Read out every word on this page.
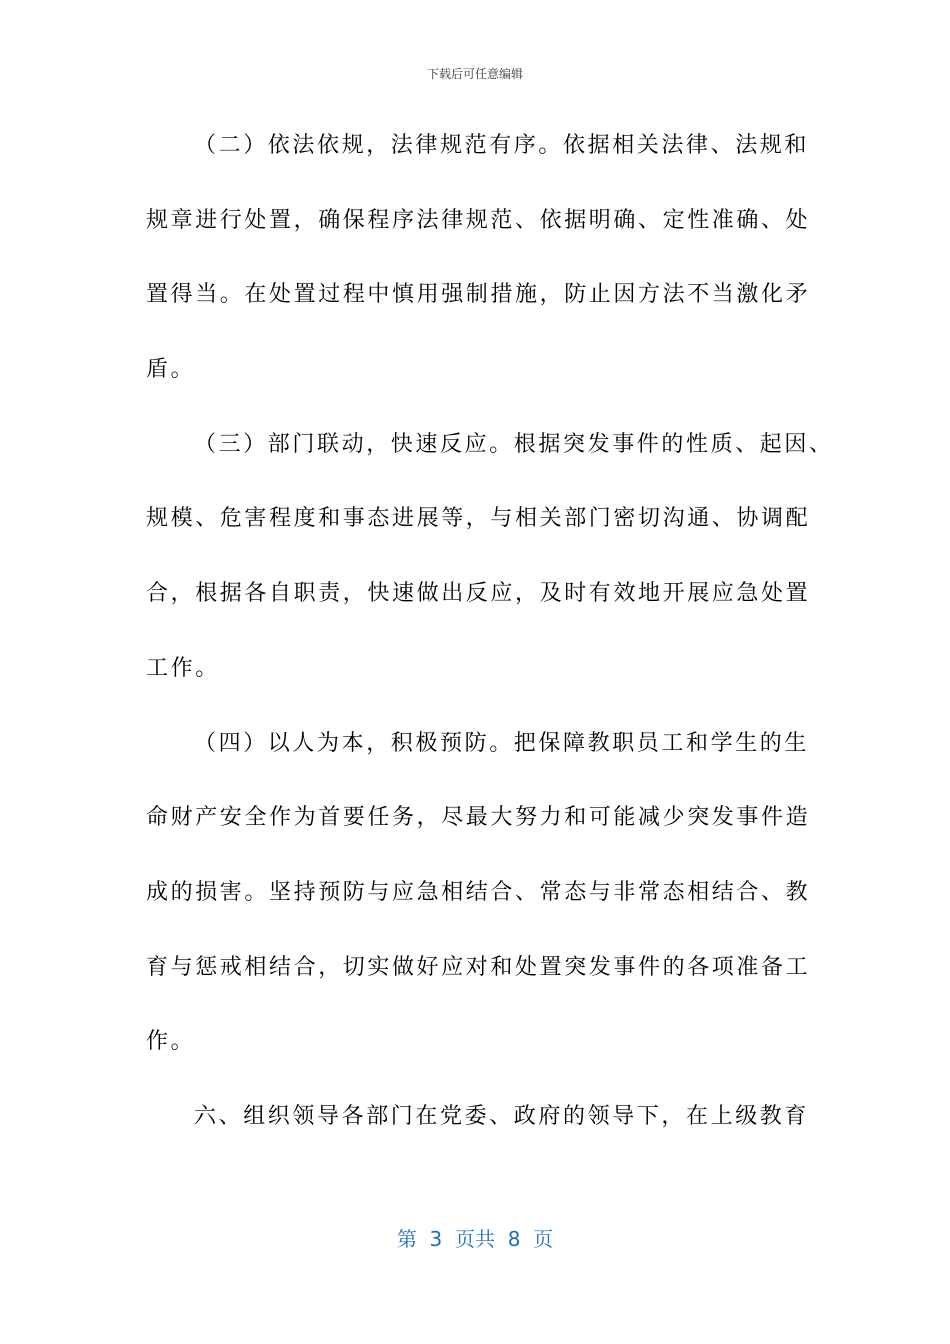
下载后可任意编辑
（二）依法依规，法律规范有序。依据相关法律、法规和
规章进行处置，确保程序法律规范、依据明确、定性准确、处
置得当。在处置过程中慎用强制措施，防止因方法不当激化矛
盾。
（三）部门联动，快速反应。根据突发事件的性质、起因、
规模、危害程度和事态进展等，与相关部门密切沟通、协调配
合，根据各自职责，快速做出反应，及时有效地开展应急处置
工作。
（四）以人为本，积极预防。把保障教职员工和学生的生
命财产安全作为首要任务，尽最大努力和可能减少突发事件造
成的损害。坚持预防与应急相结合、常态与非常态相结合、教
育与惩戒相结合，切实做好应对和处置突发事件的各项准备工
作。
六、组织领导各部门在党委、政府的领导下，在上级教育
第  3  页共  8  页
